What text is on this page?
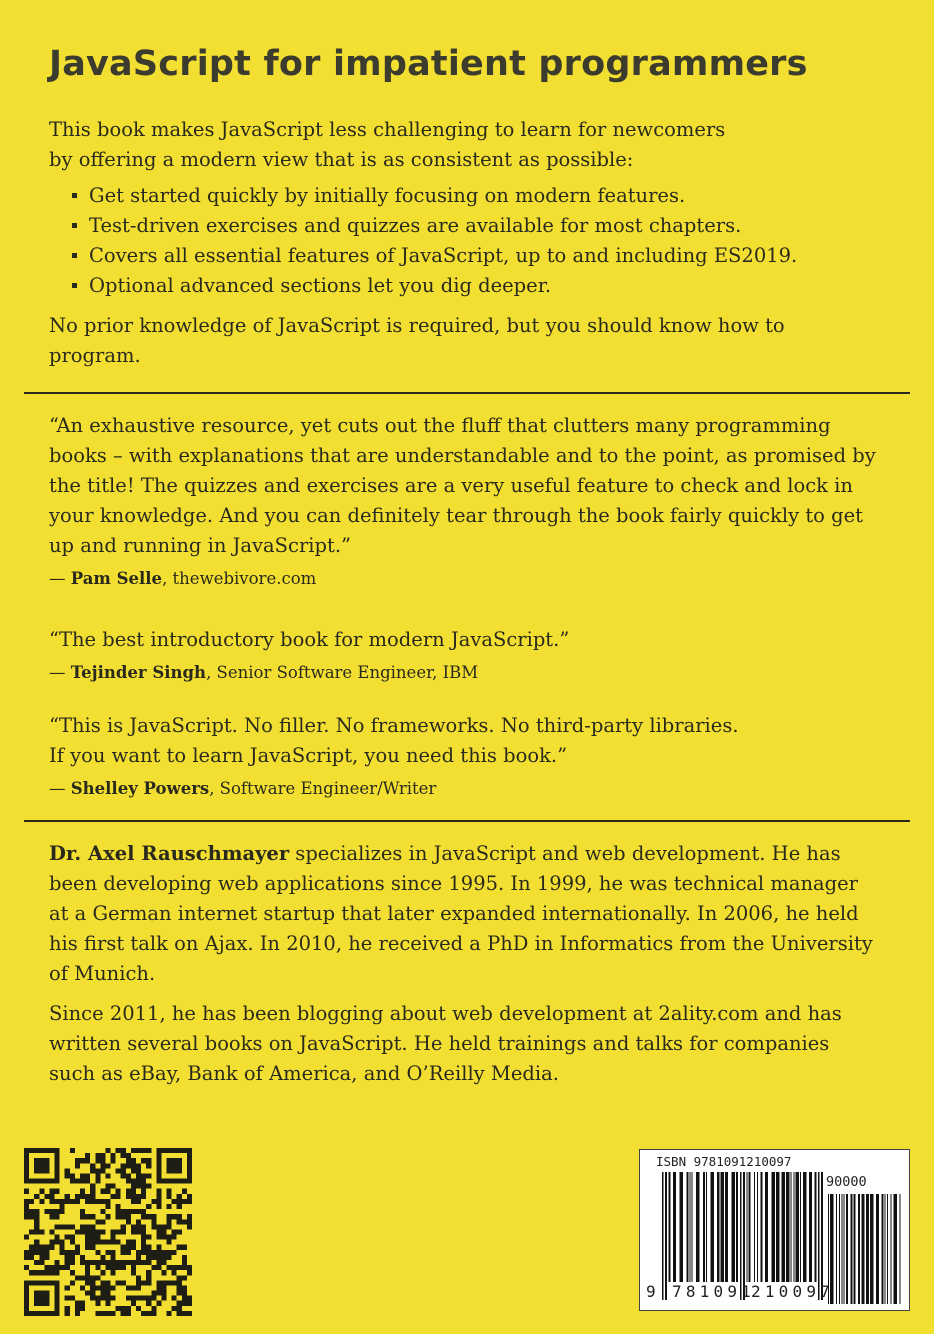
JavaScript for impatient programmers

This book makes JavaScript less challenging to learn for newcomers by offering a modern view that is as consistent as possible:

Get started quickly by initially focusing on modern features.
Test-driven exercises and quizzes are available for most chapters.
Covers all essential features of JavaScript, up to and including ES2019.
Optional advanced sections let you dig deeper.

No prior knowledge of JavaScript is required, but you should know how to program.

“An exhaustive resource, yet cuts out the fluff that clutters many programming books – with explanations that are understandable and to the point, as promised by the title! The quizzes and exercises are a very useful feature to check and lock in your knowledge. And you can definitely tear through the book fairly quickly to get up and running in JavaScript.”

— Pam Selle, thewebivore.com

“The best introductory book for modern JavaScript.”

— Tejinder Singh, Senior Software Engineer, IBM

“This is JavaScript. No filler. No frameworks. No third-party libraries.

If you want to learn JavaScript, you need this book.”

— Shelley Powers, Software Engineer/Writer

Dr. Axel Rauschmayer specializes in JavaScript and web development. He has been developing web applications since 1995. In 1999, he was technical manager at a German internet startup that later expanded internationally. In 2006, he held his first talk on Ajax. In 2010, he received a PhD in Informatics from the University of Munich.

Since 2011, he has been blogging about web development at 2ality.com and has written several books on JavaScript. He held trainings and talks for companies such as eBay, Bank of America, and O’Reilly Media.

ISBN 9781091210097
90000
9 781091
210097
